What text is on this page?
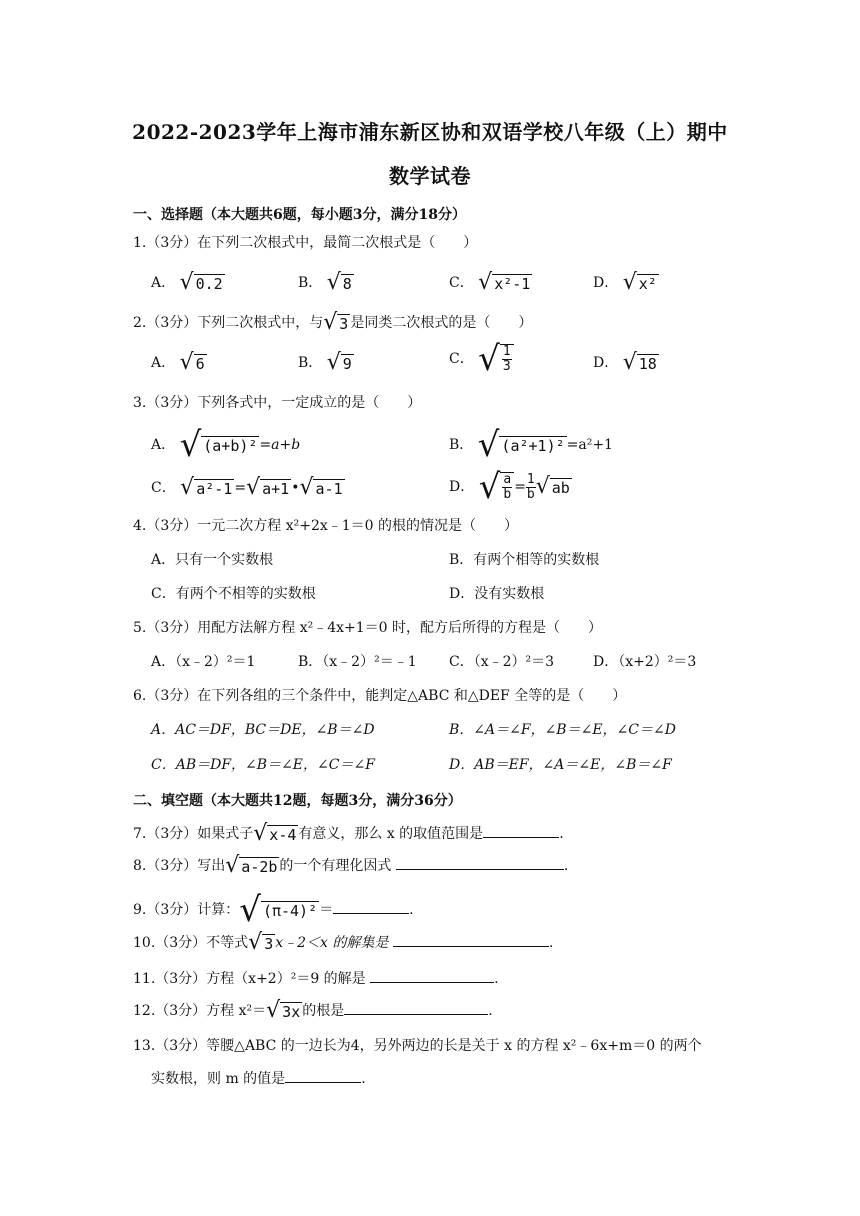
2022-2023学年上海市浦东新区协和双语学校八年级（上）期中
数学试卷
一、选择题（本大题共6题，每小题3分，满分18分）
1.（3分）在下列二次根式中，最简二次根式是（　　）
A． √ 0.2	B． √ 8	C． √ x²-1	D． √ x²
2.（3分）下列二次根式中，与 √ 3 是同类二次根式的是（　　）
A． √ 6	B． √ 9	C． √ $\frac{1}{3}$	D． √ 18
3.（3分）下列各式中，一定成立的是（　　）
A． √ (a+b)² =a+b	B． √ (a²+1)² =a²+1
C． √ a²-1 = √ a+1 • √ a-1	D． √ $\frac{a}{b} = \frac{1}{b}$ √ ab
4.（3分）一元二次方程 x²+2x﹣1＝0 的根的情况是（　　）
A．只有一个实数根	B．有两个相等的实数根
C．有两个不相等的实数根	D．没有实数根
5.（3分）用配方法解方程 x²﹣4x+1＝0 时，配方后所得的方程是（　　）
A．（x﹣2）²＝1	B．（x﹣2）²＝﹣1 C．（x﹣2）²＝3	D．（x+2）²＝3
6.（3分）在下列各组的三个条件中，能判定△ABC 和△DEF 全等的是（　　）
A．AC＝DF，BC＝DE，∠B＝∠D	B．∠A＝∠F，∠B＝∠E，∠C＝∠D
C．AB＝DF，∠B＝∠E，∠C＝∠F	D．AB＝EF，∠A＝∠E，∠B＝∠F
二、填空题（本大题共12题，每题3分，满分36分）
7.（3分）如果式子 √ x-4 有意义，那么 x 的取值范围是	.
8.（3分）写出 √ a-2b 的一个有理化因式	.
9.（3分）计算： √ (π-4)² ＝	.
10.（3分）不等式 √ 3 x﹣2＜x 的解集是	.
11.（3分）方程（x+2）²＝9 的解是	.
12.（3分）方程 x²＝ √ 3x 的根是	.
13.（3分）等腰△ABC 的一边长为4，另外两边的长是关于 x 的方程 x²﹣6x+m＝0 的两个
实数根，则 m 的值是	.
